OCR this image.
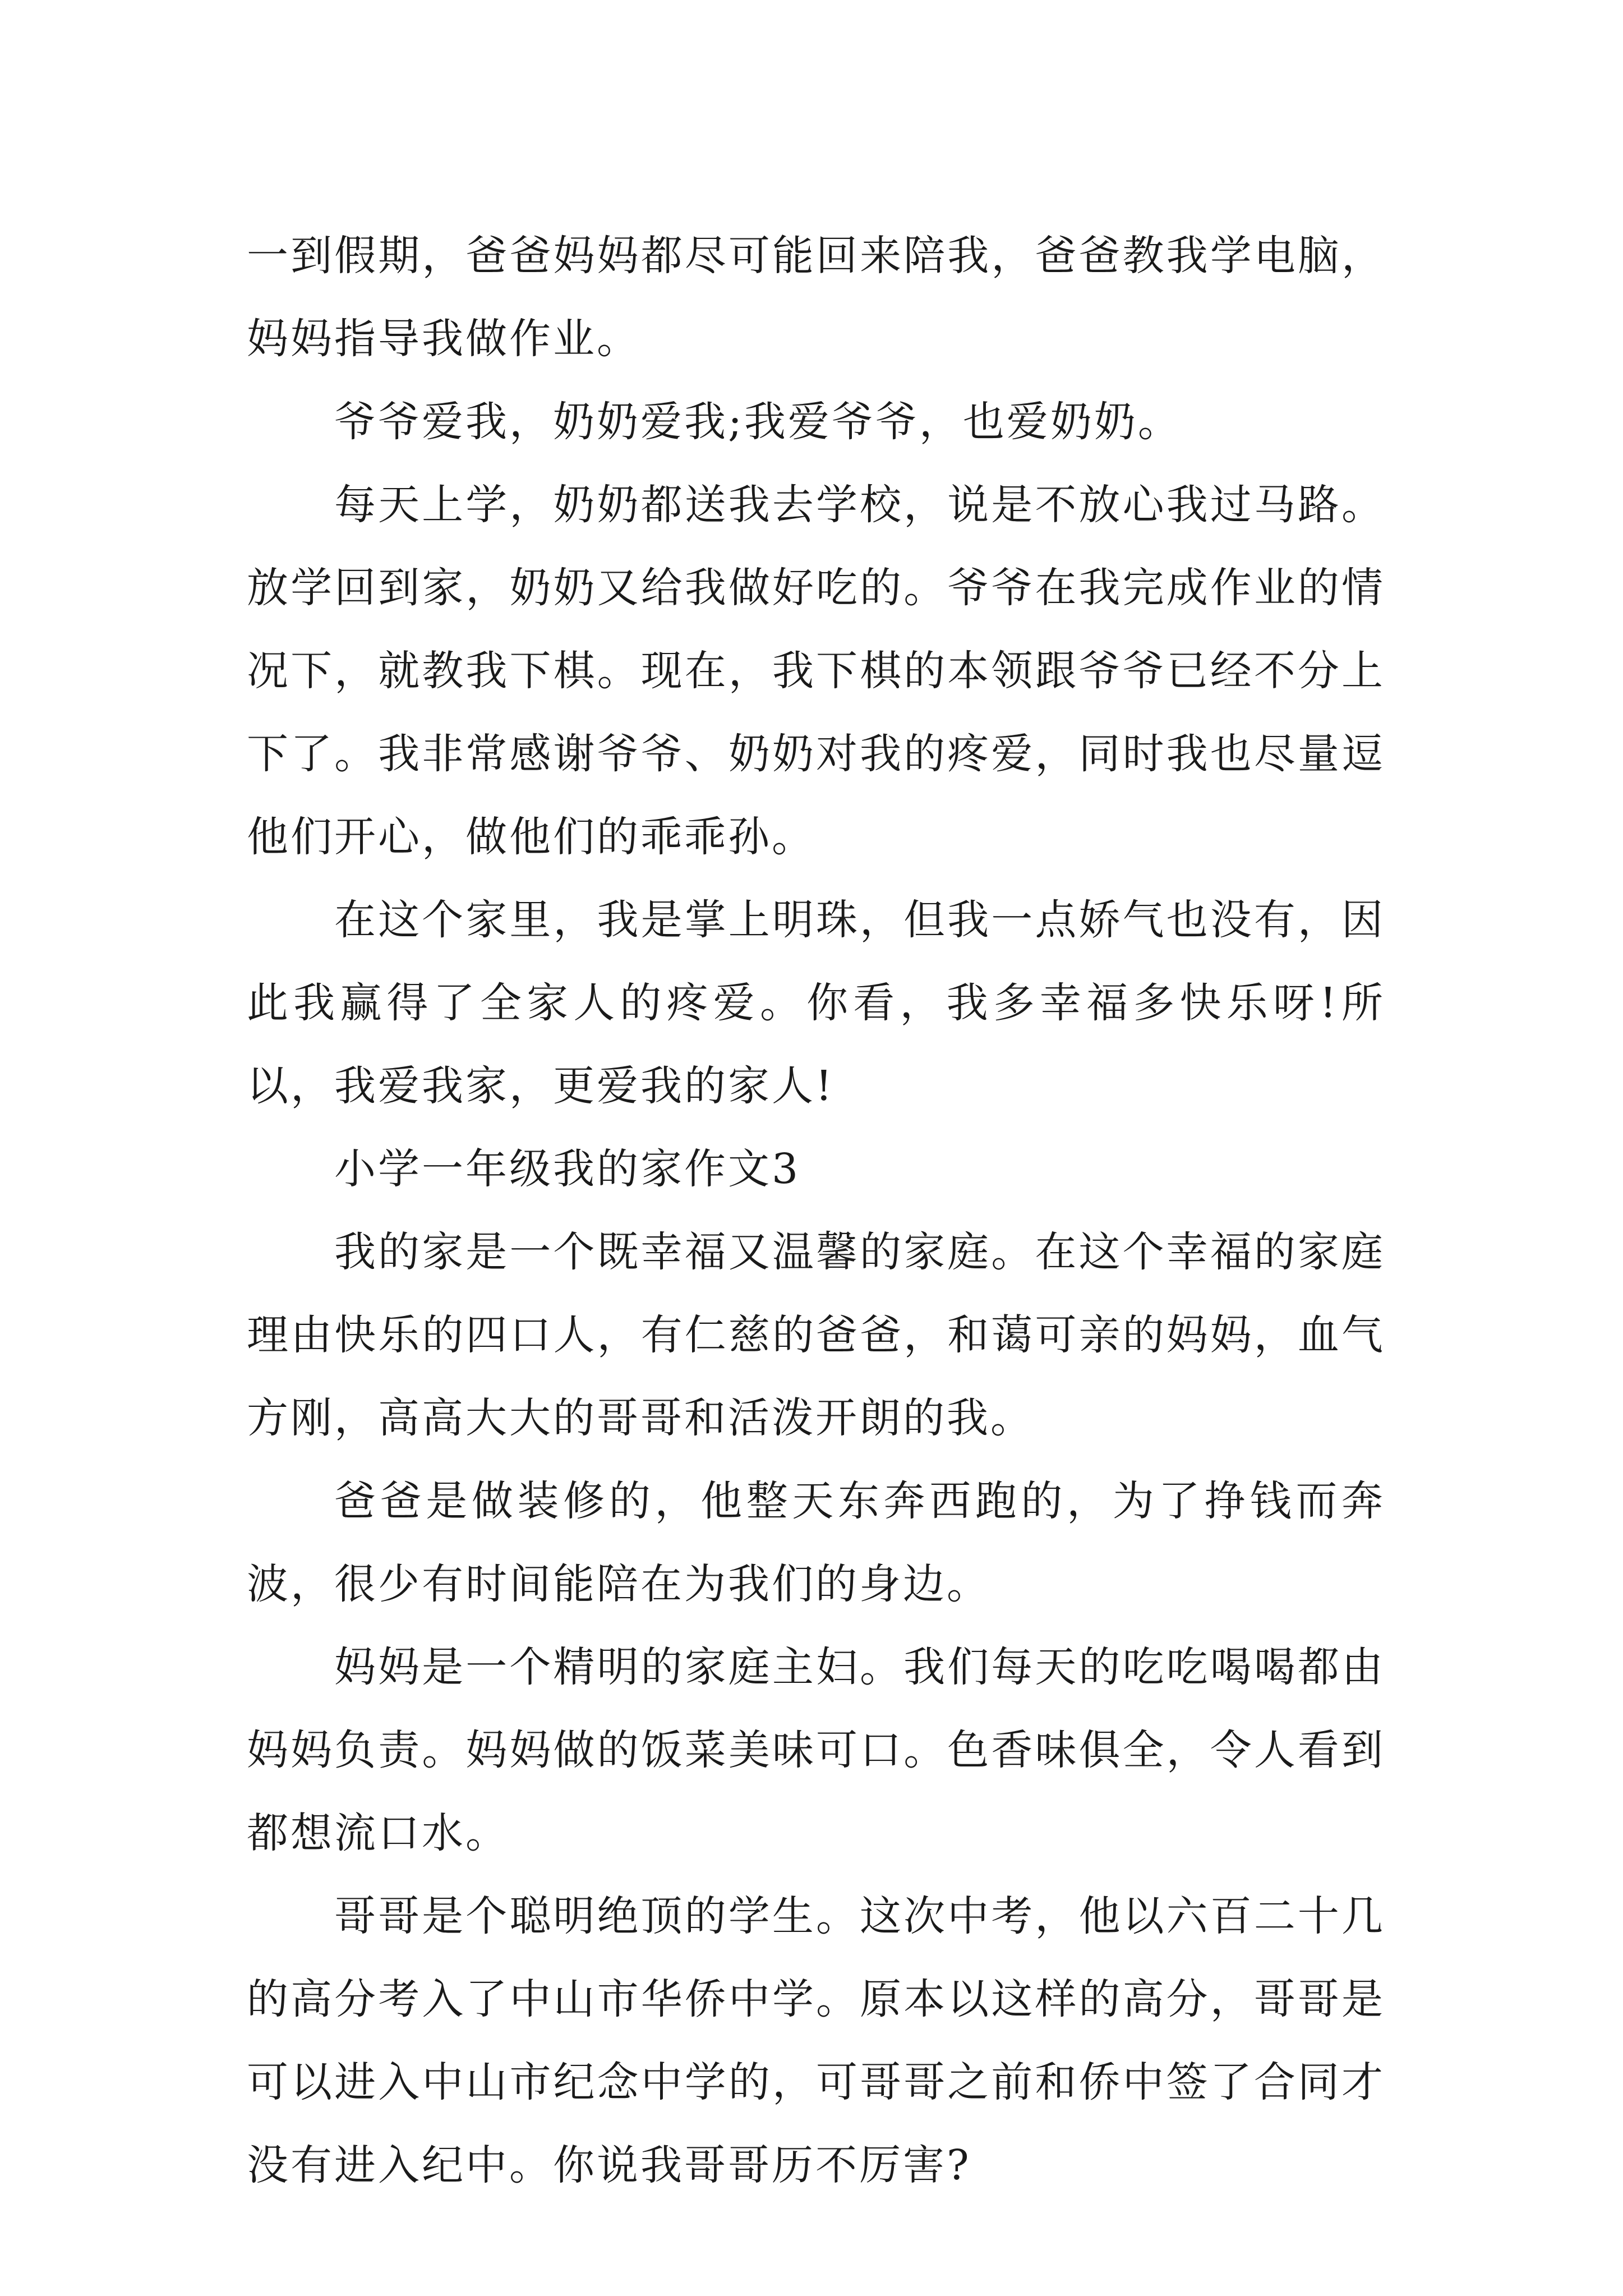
一到假期，爸爸妈妈都尽可能回来陪我，爸爸教我学电脑，妈妈指导我做作业。

爷爷爱我，奶奶爱我;我爱爷爷，也爱奶奶。

每天上学，奶奶都送我去学校，说是不放心我过马路。放学回到家，奶奶又给我做好吃的。爷爷在我完成作业的情况下，就教我下棋。现在，我下棋的本领跟爷爷已经不分上下了。我非常感谢爷爷、奶奶对我的疼爱，同时我也尽量逗他们开心，做他们的乖乖孙。

在这个家里，我是掌上明珠，但我一点娇气也没有，因此我赢得了全家人的疼爱。你看，我多幸福多快乐呀!所以，我爱我家，更爱我的家人!

小学一年级我的家作文3

我的家是一个既幸福又温馨的家庭。在这个幸福的家庭理由快乐的四口人，有仁慈的爸爸，和蔼可亲的妈妈，血气方刚，高高大大的哥哥和活泼开朗的我。

爸爸是做装修的，他整天东奔西跑的，为了挣钱而奔波，很少有时间能陪在为我们的身边。

妈妈是一个精明的家庭主妇。我们每天的吃吃喝喝都由妈妈负责。妈妈做的饭菜美味可口。色香味俱全，令人看到都想流口水。

哥哥是个聪明绝顶的学生。这次中考，他以六百二十几的高分考入了中山市华侨中学。原本以这样的高分，哥哥是可以进入中山市纪念中学的，可哥哥之前和侨中签了合同才没有进入纪中。你说我哥哥历不厉害?
